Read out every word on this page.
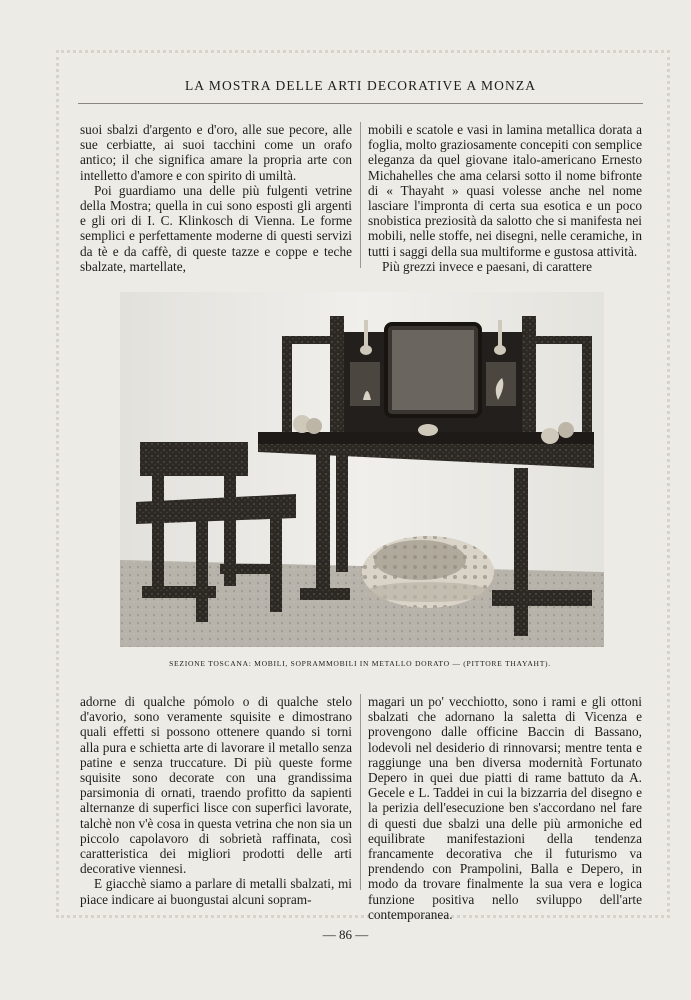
LA MOSTRA DELLE ARTI DECORATIVE A MONZA

suoi sbalzi d'argento e d'oro, alle sue pecore, alle sue cerbiatte, ai suoi tacchini come un orafo antico; il che significa amare la propria arte con intelletto d'amore e con spirito di umiltà.

Poi guardiamo una delle più fulgenti vetrine della Mostra; quella in cui sono esposti gli argenti e gli ori di I. C. Klinkosch di Vienna. Le forme semplici e perfettamente moderne di questi servizi da tè e da caffè, di queste tazze e coppe e teche sbalzate, martellate,

mobili e scatole e vasi in lamina metallica dorata a foglia, molto graziosamente concepiti con semplice eleganza da quel giovane italo-americano Ernesto Michahelles che ama celarsi sotto il nome bifronte di « Thayaht » quasi volesse anche nel nome lasciare l'impronta di certa sua esotica e un poco snobistica preziosità da salotto che si manifesta nei mobili, nelle stoffe, nei disegni, nelle ceramiche, in tutti i saggi della sua multiforme e gustosa attività.

Più grezzi invece e paesani, di carattere

SEZIONE TOSCANA: MOBILI, SOPRAMMOBILI IN METALLO DORATO — (PITTORE THAYAHT).

adorne di qualche pómolo o di qualche stelo d'avorio, sono veramente squisite e dimostrano quali effetti si possono ottenere quando si torni alla pura e schietta arte di lavorare il metallo senza patine e senza truccature. Di più queste forme squisite sono decorate con una grandissima parsimonia di ornati, traendo profitto da sapienti alternanze di superfici lisce con superfici lavorate, talchè non v'è cosa in questa vetrina che non sia un piccolo capolavoro di sobrietà raffinata, così caratteristica dei migliori prodotti delle arti decorative viennesi.

E giacchè siamo a parlare di metalli sbalzati, mi piace indicare ai buongustai alcuni sopram-

magari un po' vecchiotto, sono i rami e gli ottoni sbalzati che adornano la saletta di Vicenza e provengono dalle officine Baccin di Bassano, lodevoli nel desiderio di rinnovarsi; mentre tenta e raggiunge una ben diversa modernità Fortunato Depero in quei due piatti di rame battuto da A. Gecele e L. Taddei in cui la bizzarria del disegno e la perizia dell'esecuzione ben s'accordano nel fare di questi due sbalzi una delle più armoniche ed equilibrate manifestazioni della tendenza francamente decorativa che il futurismo va prendendo con Prampolini, Balla e Depero, in modo da trovare finalmente la sua vera e logica funzione positiva nello sviluppo dell'arte contemporanea.

— 86 —
